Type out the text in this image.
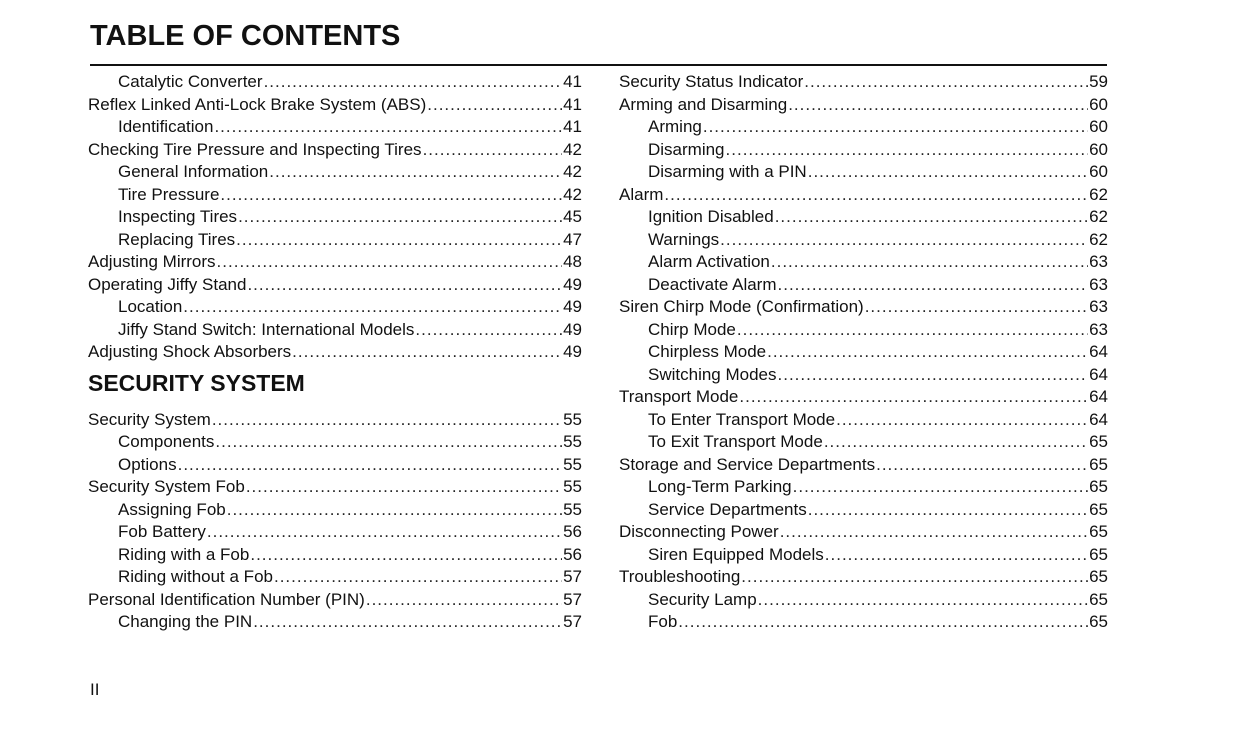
TABLE OF CONTENTS
Catalytic Converter .....	41
Reflex Linked Anti-Lock Brake System (ABS) .....	41
Identification .....	41
Checking Tire Pressure and Inspecting Tires .....	42
General Information .....	42
Tire Pressure .....	42
Inspecting Tires .....	45
Replacing Tires .....	47
Adjusting Mirrors .....	48
Operating Jiffy Stand .....	49
Location .....	49
Jiffy Stand Switch: International Models .....	49
Adjusting Shock Absorbers .....	49
SECURITY SYSTEM
Security System .....	55
Components .....	55
Options .....	55
Security System Fob .....	55
Assigning Fob .....	55
Fob Battery .....	56
Riding with a Fob .....	56
Riding without a Fob .....	57
Personal Identification Number (PIN) .....	57
Changing the PIN .....	57
Security Status Indicator .....	59
Arming and Disarming .....	60
Arming .....	60
Disarming .....	60
Disarming with a PIN .....	60
Alarm .....	62
Ignition Disabled .....	62
Warnings .....	62
Alarm Activation .....	63
Deactivate Alarm .....	63
Siren Chirp Mode (Confirmation) .....	63
Chirp Mode .....	63
Chirpless Mode .....	64
Switching Modes .....	64
Transport Mode .....	64
To Enter Transport Mode .....	64
To Exit Transport Mode .....	65
Storage and Service Departments .....	65
Long-Term Parking .....	65
Service Departments .....	65
Disconnecting Power .....	65
Siren Equipped Models .....	65
Troubleshooting .....	65
Security Lamp .....	65
Fob .....	65
II
